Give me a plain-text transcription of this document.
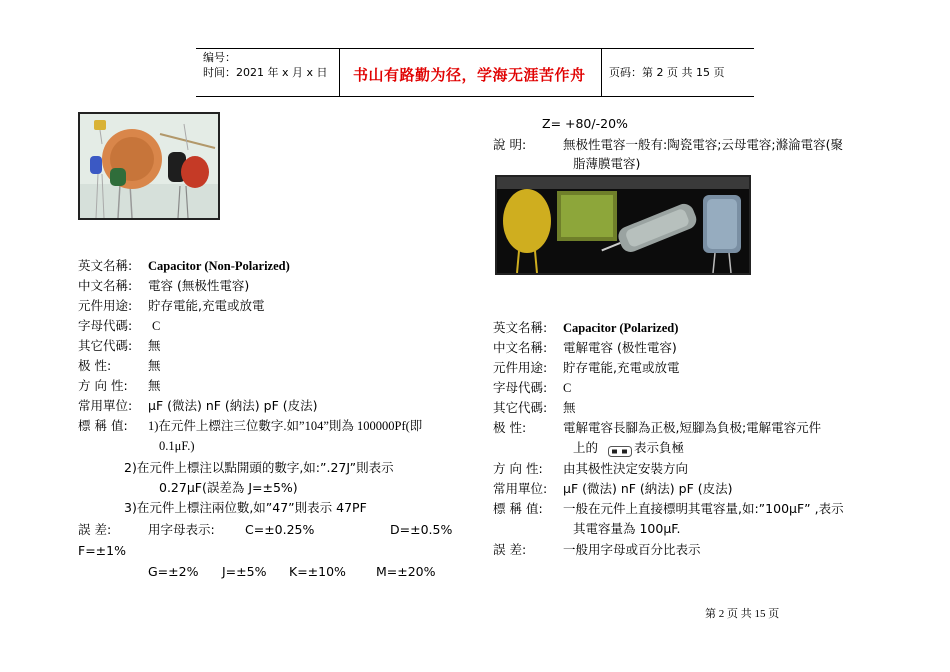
编号：
时间：2021 年 x 月 x 日 书山有路勤为径，学海无涯苦作舟 页码：第 2 页 共 15 页
英文名稱: Capacitor (Non-Polarized)
中文名稱: 電容 (無极性電容)
元件用途: 貯存電能,充電或放電
字母代碼: C
其它代碼: 無
极 性:	無
方 向 性: 無
常用單位: μF (微法) nF (納法) pF (皮法)
標 稱 值: 1)在元件上標注三位數字.如”104”則為 100000Pf(即
0.1μF.)
2)在元件上標注以點開頭的數字,如:”.27J”則表示
0.27μF(誤差為 J=±5%)
3)在元件上標注兩位數,如”47”則表示 47PF
誤 差:	用字母表示: C=±0.25%	D=±0.5%
F=±1%
G=±2% J=±5% K=±10% M=±20%
Z= +80/-20%
說 明:	無极性電容一般有:陶瓷電容;云母電容;滌淪電容(聚
脂薄膜電容)
英文名稱: Capacitor (Polarized)
中文名稱: 電解電容 (极性電容)
元件用途: 貯存電能,充電或放電
字母代碼: C
其它代碼: 無
极 性:	電解電容長腳為正极,短腳為負极;電解電容元件
上的	表示負極
方 向 性: 由其极性決定安裝方向
常用單位: μF (微法) nF (納法) pF (皮法)
標 稱 值: 一般在元件上直接標明其電容量,如:”100μF” ,表示
其電容量為 100μF.
誤 差:	一般用字母或百分比表示
第 2 页 共 15 页
